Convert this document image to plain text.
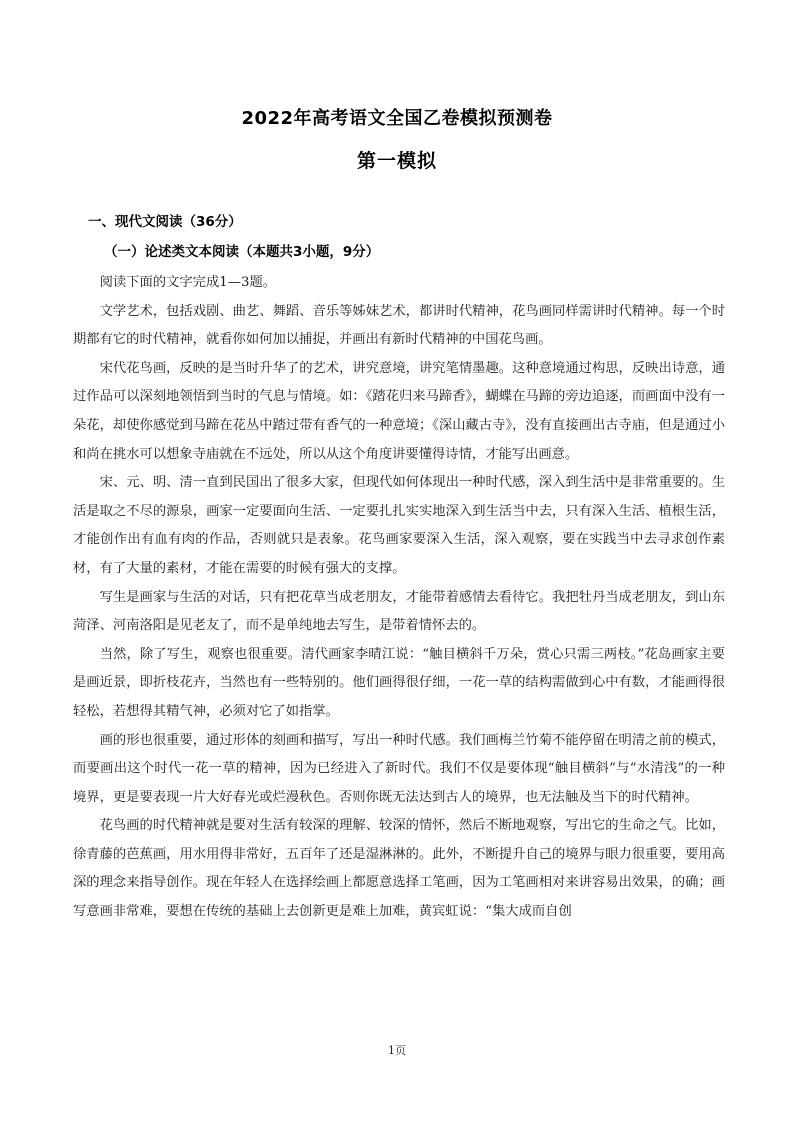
2022年高考语文全国乙卷模拟预测卷
第一模拟
一、现代文阅读（36分）
（一）论述类文本阅读（本题共3小题，9分）

阅读下面的文字完成1—3题。

文学艺术，包括戏剧、曲艺、舞蹈、音乐等姊妹艺术，都讲时代精神，花鸟画同样需讲时代精神。每一个时期都有它的时代精神，就看你如何加以捕捉，并画出有新时代精神的中国花鸟画。

宋代花鸟画，反映的是当时升华了的艺术，讲究意境，讲究笔情墨趣。这种意境通过构思，反映出诗意，通过作品可以深刻地领悟到当时的气息与情境。如：《踏花归来马蹄香》，蝴蝶在马蹄的旁边追逐，而画面中没有一朵花，却使你感觉到马蹄在花丛中踏过带有香气的一种意境；《深山藏古寺》，没有直接画出古寺庙，但是通过小和尚在挑水可以想象寺庙就在不远处，所以从这个角度讲要懂得诗情，才能写出画意。

宋、元、明、清一直到民国出了很多大家，但现代如何体现出一种时代感，深入到生活中是非常重要的。生活是取之不尽的源泉，画家一定要面向生活、一定要扎扎实实地深入到生活当中去，只有深入生活、植根生活，才能创作出有血有肉的作品，否则就只是表象。花鸟画家要深入生活，深入观察，要在实践当中去寻求创作素材，有了大量的素材，才能在需要的时候有强大的支撑。

写生是画家与生活的对话，只有把花草当成老朋友，才能带着感情去看待它。我把牡丹当成老朋友，到山东菏泽、河南洛阳是见老友了，而不是单纯地去写生，是带着情怀去的。

当然，除了写生，观察也很重要。清代画家李晴江说：“触目横斜千万朵，赏心只需三两枝。”花岛画家主要是画近景，即折枝花卉，当然也有一些特别的。他们画得很仔细，一花一草的结构需做到心中有数，才能画得很轻松，若想得其精气神，必须对它了如指掌。

画的形也很重要，通过形体的刻画和描写，写出一种时代感。我们画梅兰竹菊不能停留在明清之前的模式，而要画出这个时代一花一草的精神，因为已经进入了新时代。我们不仅是要体现“触目横斜”与“水清浅”的一种境界，更是要表现一片大好春光或烂漫秋色。否则你既无法达到古人的境界，也无法触及当下的时代精神。

花鸟画的时代精神就是要对生活有较深的理解、较深的情怀，然后不断地观察，写出它的生命之气。比如，徐青藤的芭蕉画，用水用得非常好，五百年了还是湿淋淋的。此外，不断提升自己的境界与眼力很重要，要用高深的理念来指导创作。现在年轻人在选择绘画上都愿意选择工笔画，因为工笔画相对来讲容易出效果，的确；画写意画非常难，要想在传统的基础上去创新更是难上加难，黄宾虹说：“集大成而自创

1页
